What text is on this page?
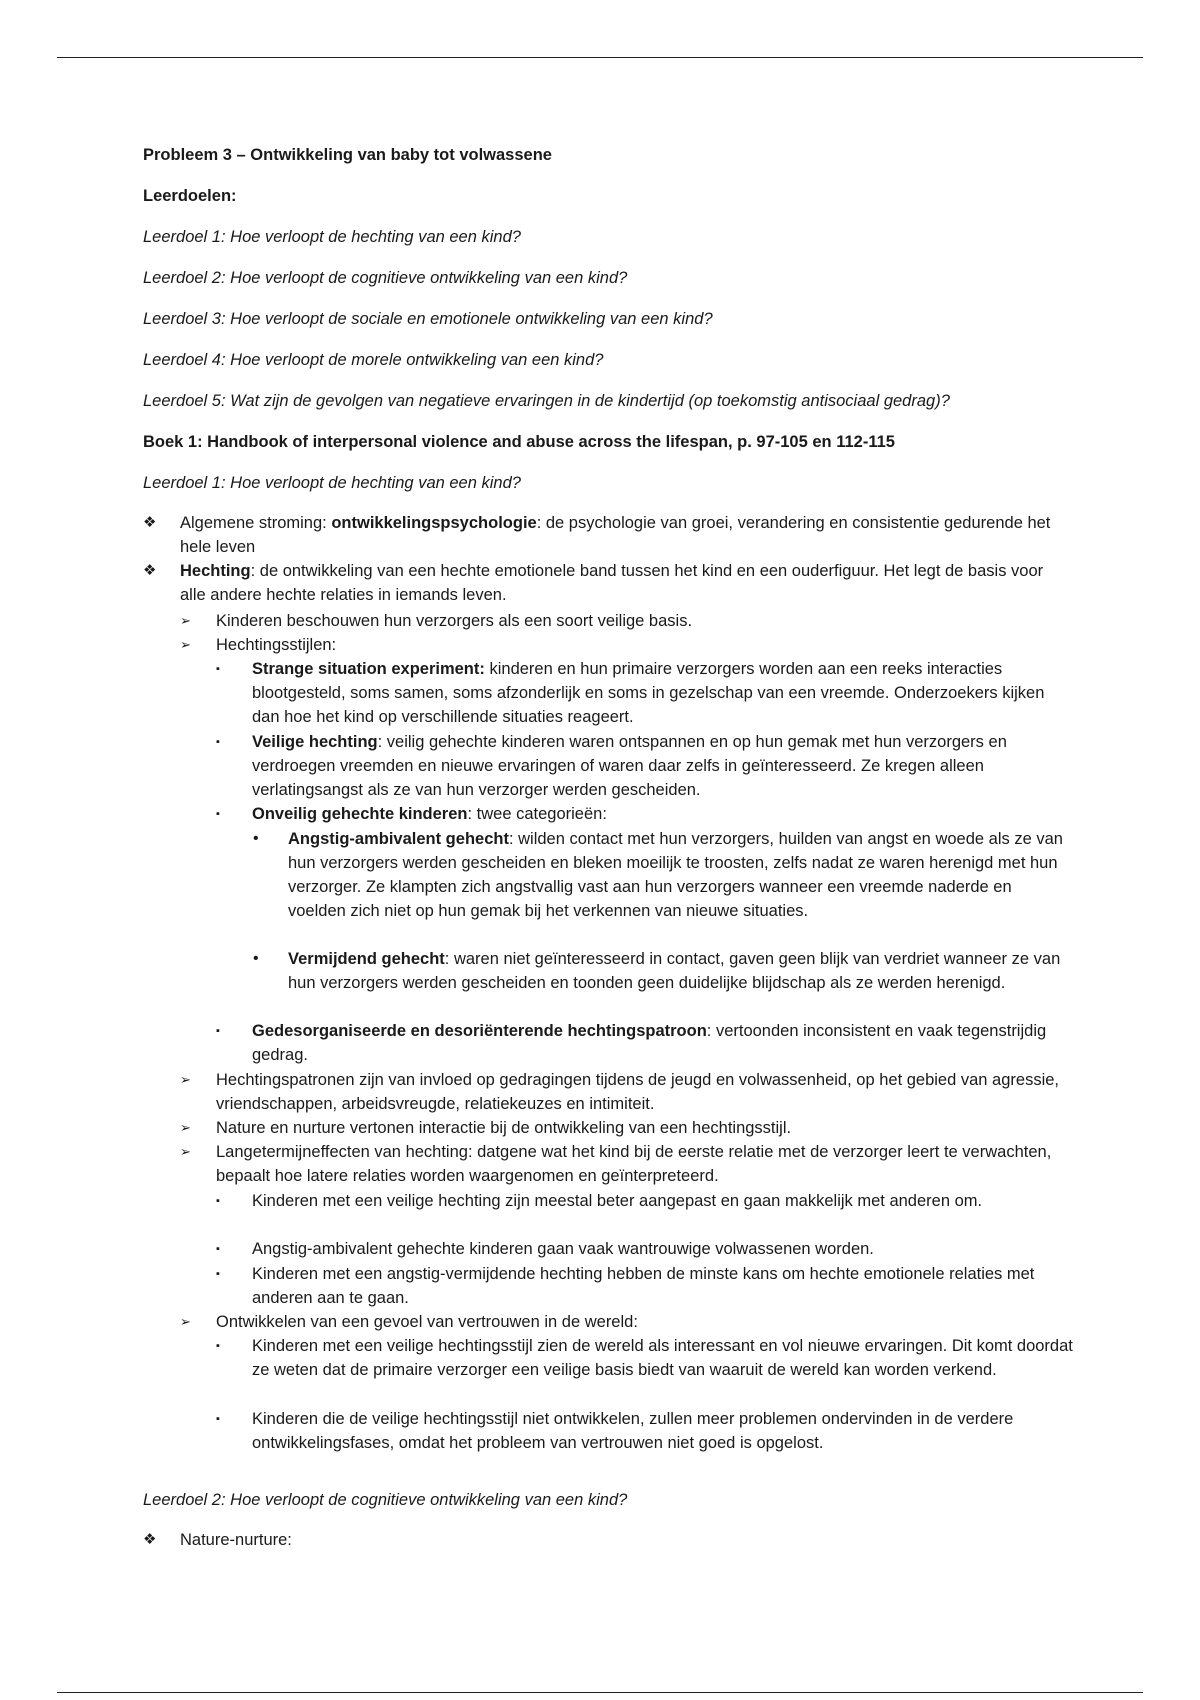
Probleem 3 – Ontwikkeling van baby tot volwassene
Leerdoelen:
Leerdoel 1: Hoe verloopt de hechting van een kind?
Leerdoel 2: Hoe verloopt de cognitieve ontwikkeling van een kind?
Leerdoel 3: Hoe verloopt de sociale en emotionele ontwikkeling van een kind?
Leerdoel 4: Hoe verloopt de morele ontwikkeling van een kind?
Leerdoel 5: Wat zijn de gevolgen van negatieve ervaringen in de kindertijd (op toekomstig antisociaal gedrag)?
Boek 1: Handbook of interpersonal violence and abuse across the lifespan, p. 97-105 en 112-115
Leerdoel 1: Hoe verloopt de hechting van een kind?
❖ Algemene stroming: ontwikkelingspsychologie: de psychologie van groei, verandering en consistentie gedurende het hele leven
❖ Hechting: de ontwikkeling van een hechte emotionele band tussen het kind en een ouderfiguur. Het legt de basis voor alle andere hechte relaties in iemands leven.
➢ Kinderen beschouwen hun verzorgers als een soort veilige basis.
➢ Hechtingsstijlen:
▪ Strange situation experiment: kinderen en hun primaire verzorgers worden aan een reeks interacties blootgesteld, soms samen, soms afzonderlijk en soms in gezelschap van een vreemde. Onderzoekers kijken dan hoe het kind op verschillende situaties reageert.
▪ Veilige hechting: veilig gehechte kinderen waren ontspannen en op hun gemak met hun verzorgers en verdroegen vreemden en nieuwe ervaringen of waren daar zelfs in geïnteresseerd. Ze kregen alleen verlatingsangst als ze van hun verzorger werden gescheiden.
▪ Onveilig gehechte kinderen: twee categorieën:
• Angstig-ambivalent gehecht: wilden contact met hun verzorgers, huilden van angst en woede als ze van hun verzorgers werden gescheiden en bleken moeilijk te troosten, zelfs nadat ze waren herenigd met hun verzorger. Ze klampten zich angstvallig vast aan hun verzorgers wanneer een vreemde naderde en voelden zich niet op hun gemak bij het verkennen van nieuwe situaties.
• Vermijdend gehecht: waren niet geïnteresseerd in contact, gaven geen blijk van verdriet wanneer ze van hun verzorgers werden gescheiden en toonden geen duidelijke blijdschap als ze werden herenigd.
▪ Gedesorganiseerde en desoriënterende hechtingspatroon: vertoonden inconsistent en vaak tegenstrijdig gedrag.
➢ Hechtingspatronen zijn van invloed op gedragingen tijdens de jeugd en volwassenheid, op het gebied van agressie, vriendschappen, arbeidsvreugde, relatiekeuzes en intimiteit.
➢ Nature en nurture vertonen interactie bij de ontwikkeling van een hechtingsstijl.
➢ Langetermijneffecten van hechting: datgene wat het kind bij de eerste relatie met de verzorger leert te verwachten, bepaalt hoe latere relaties worden waargenomen en geïnterpreteerd.
▪ Kinderen met een veilige hechting zijn meestal beter aangepast en gaan makkelijk met anderen om.
▪ Angstig-ambivalent gehechte kinderen gaan vaak wantrouwige volwassenen worden.
▪ Kinderen met een angstig-vermijdende hechting hebben de minste kans om hechte emotionele relaties met anderen aan te gaan.
➢ Ontwikkelen van een gevoel van vertrouwen in de wereld:
▪ Kinderen met een veilige hechtingsstijl zien de wereld als interessant en vol nieuwe ervaringen. Dit komt doordat ze weten dat de primaire verzorger een veilige basis biedt van waaruit de wereld kan worden verkend.
▪ Kinderen die de veilige hechtingsstijl niet ontwikkelen, zullen meer problemen ondervinden in de verdere ontwikkelingsfases, omdat het probleem van vertrouwen niet goed is opgelost.
Leerdoel 2: Hoe verloopt de cognitieve ontwikkeling van een kind?
❖ Nature-nurture:
